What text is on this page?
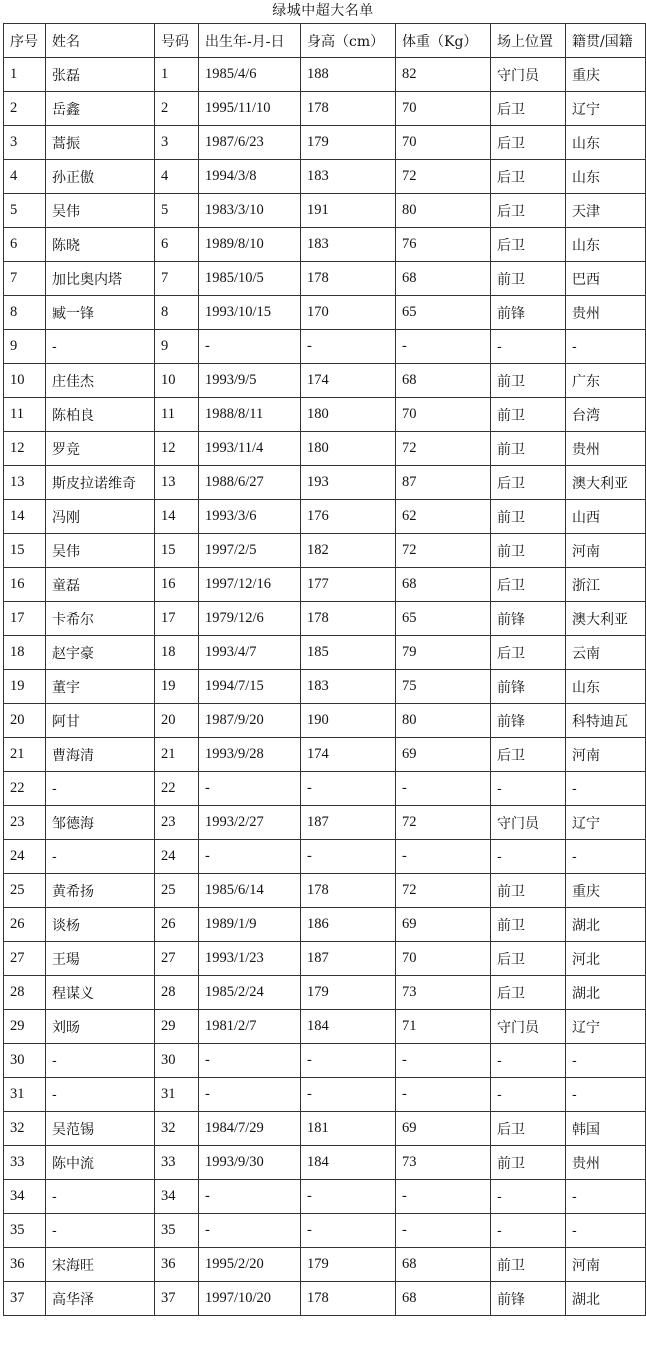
绿城中超大名单
序号	姓名	号码	出生年-月-日	身高（cm）	体重（Kg）	场上位置	籍贯/国籍
1	张磊	1	1985/4/6	188	82	守门员	重庆
2	岳鑫	2	1995/11/10	178	70	后卫	辽宁
3	蒿振	3	1987/6/23	179	70	后卫	山东
4	孙正傲	4	1994/3/8	183	72	后卫	山东
5	吴伟	5	1983/3/10	191	80	后卫	天津
6	陈晓	6	1989/8/10	183	76	后卫	山东
7	加比奥内塔	7	1985/10/5	178	68	前卫	巴西
8	臧一锋	8	1993/10/15	170	65	前锋	贵州
9	-	9	-	-	-	-	-
10	庄佳杰	10	1993/9/5	174	68	前卫	广东
11	陈柏良	11	1988/8/11	180	70	前卫	台湾
12	罗竞	12	1993/11/4	180	72	前卫	贵州
13	斯皮拉诺维奇	13	1988/6/27	193	87	后卫	澳大利亚
14	冯刚	14	1993/3/6	176	62	前卫	山西
15	吴伟	15	1997/2/5	182	72	前卫	河南
16	童磊	16	1997/12/16	177	68	后卫	浙江
17	卡希尔	17	1979/12/6	178	65	前锋	澳大利亚
18	赵宇豪	18	1993/4/7	185	79	后卫	云南
19	董宇	19	1994/7/15	183	75	前锋	山东
20	阿甘	20	1987/9/20	190	80	前锋	科特迪瓦
21	曹海清	21	1993/9/28	174	69	后卫	河南
22	-	22	-	-	-	-	-
23	邹德海	23	1993/2/27	187	72	守门员	辽宁
24	-	24	-	-	-	-	-
25	黄希扬	25	1985/6/14	178	72	前卫	重庆
26	谈杨	26	1989/1/9	186	69	前卫	湖北
27	王瑒	27	1993/1/23	187	70	后卫	河北
28	程谋义	28	1985/2/24	179	73	后卫	湖北
29	刘旸	29	1981/2/7	184	71	守门员	辽宁
30	-	30	-	-	-	-	-
31	-	31	-	-	-	-	-
32	吴范锡	32	1984/7/29	181	69	后卫	韩国
33	陈中流	33	1993/9/30	184	73	前卫	贵州
34	-	34	-	-	-	-	-
35	-	35	-	-	-	-	-
36	宋海旺	36	1995/2/20	179	68	前卫	河南
37	高华泽	37	1997/10/20	178	68	前锋	湖北
